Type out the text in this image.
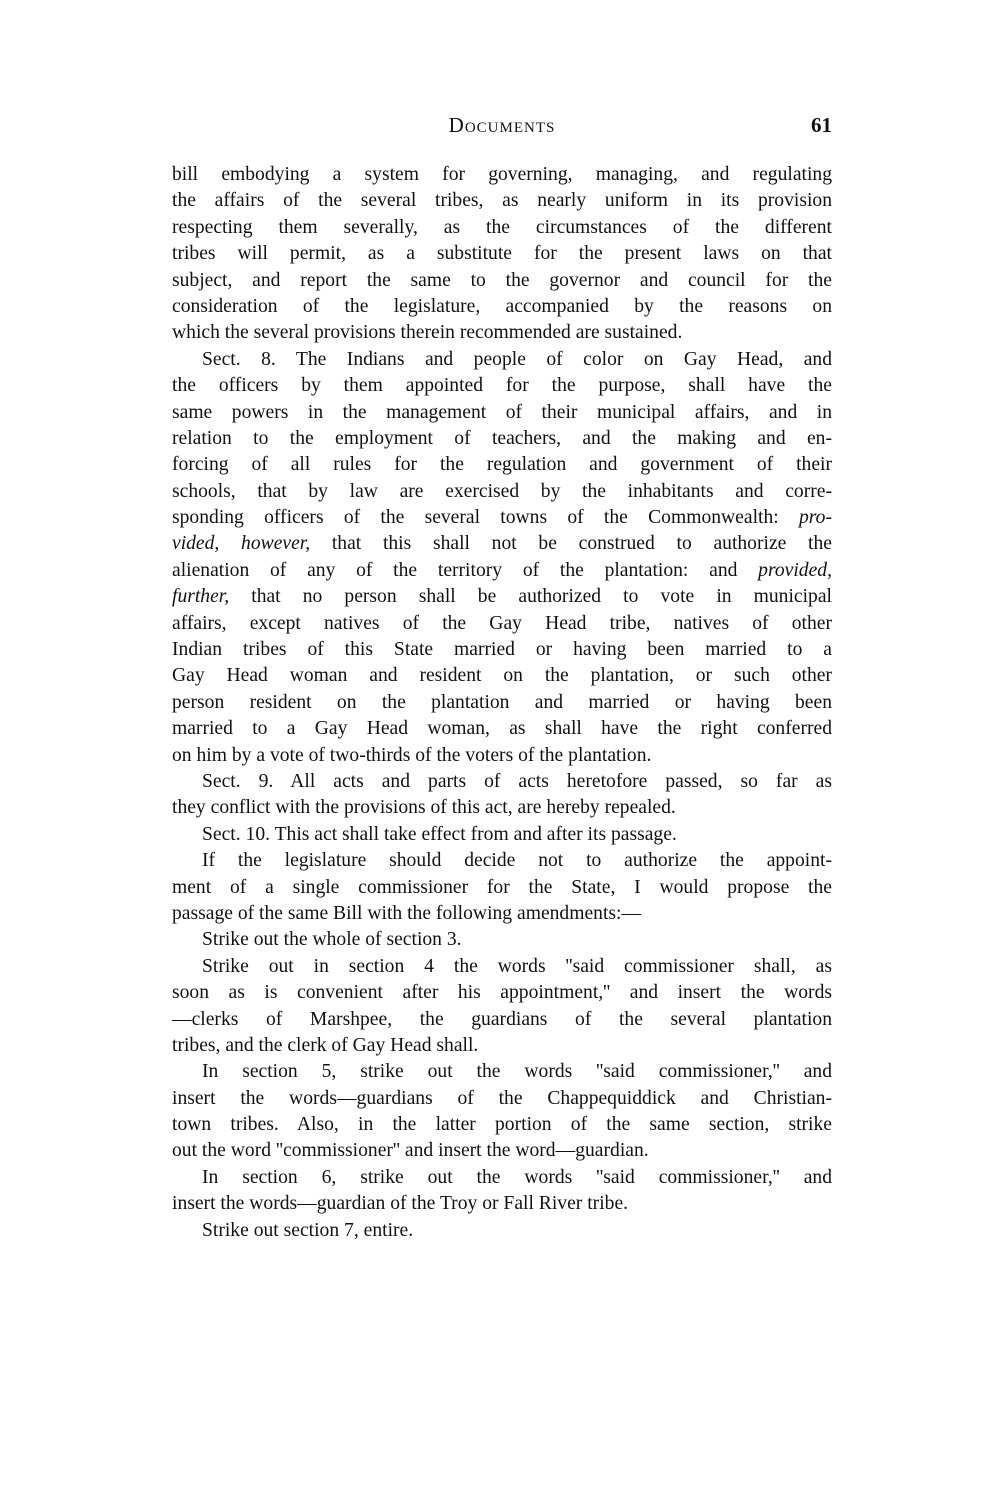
Documents	61
bill embodying a system for governing, managing, and regulating
the affairs of the several tribes, as nearly uniform in its provision
respecting them severally, as the circumstances of the different
tribes will permit, as a substitute for the present laws on that
subject, and report the same to the governor and council for the
consideration of the legislature, accompanied by the reasons on
which the several provisions therein recommended are sustained.
Sect. 8. The Indians and people of color on Gay Head, and
the officers by them appointed for the purpose, shall have the
same powers in the management of their municipal affairs, and in
relation to the employment of teachers, and the making and en-
forcing of all rules for the regulation and government of their
schools, that by law are exercised by the inhabitants and corre-
sponding officers of the several towns of the Commonwealth: pro-
vided, however, that this shall not be construed to authorize the
alienation of any of the territory of the plantation: and provided,
further, that no person shall be authorized to vote in municipal
affairs, except natives of the Gay Head tribe, natives of other
Indian tribes of this State married or having been married to a
Gay Head woman and resident on the plantation, or such other
person resident on the plantation and married or having been
married to a Gay Head woman, as shall have the right conferred
on him by a vote of two-thirds of the voters of the plantation.
Sect. 9. All acts and parts of acts heretofore passed, so far as
they conflict with the provisions of this act, are hereby repealed.
Sect. 10. This act shall take effect from and after its passage.
If the legislature should decide not to authorize the appoint-
ment of a single commissioner for the State, I would propose the
passage of the same Bill with the following amendments:—
Strike out the whole of section 3.
Strike out in section 4 the words ''said commissioner shall, as
soon as is convenient after his appointment,'' and insert the words
—clerks of Marshpee, the guardians of the several plantation
tribes, and the clerk of Gay Head shall.
In section 5, strike out the words ''said commissioner,'' and
insert the words—guardians of the Chappequiddick and Christian-
town tribes. Also, in the latter portion of the same section, strike
out the word ''commissioner'' and insert the word—guardian.
In section 6, strike out the words ''said commissioner,'' and
insert the words—guardian of the Troy or Fall River tribe.
Strike out section 7, entire.
